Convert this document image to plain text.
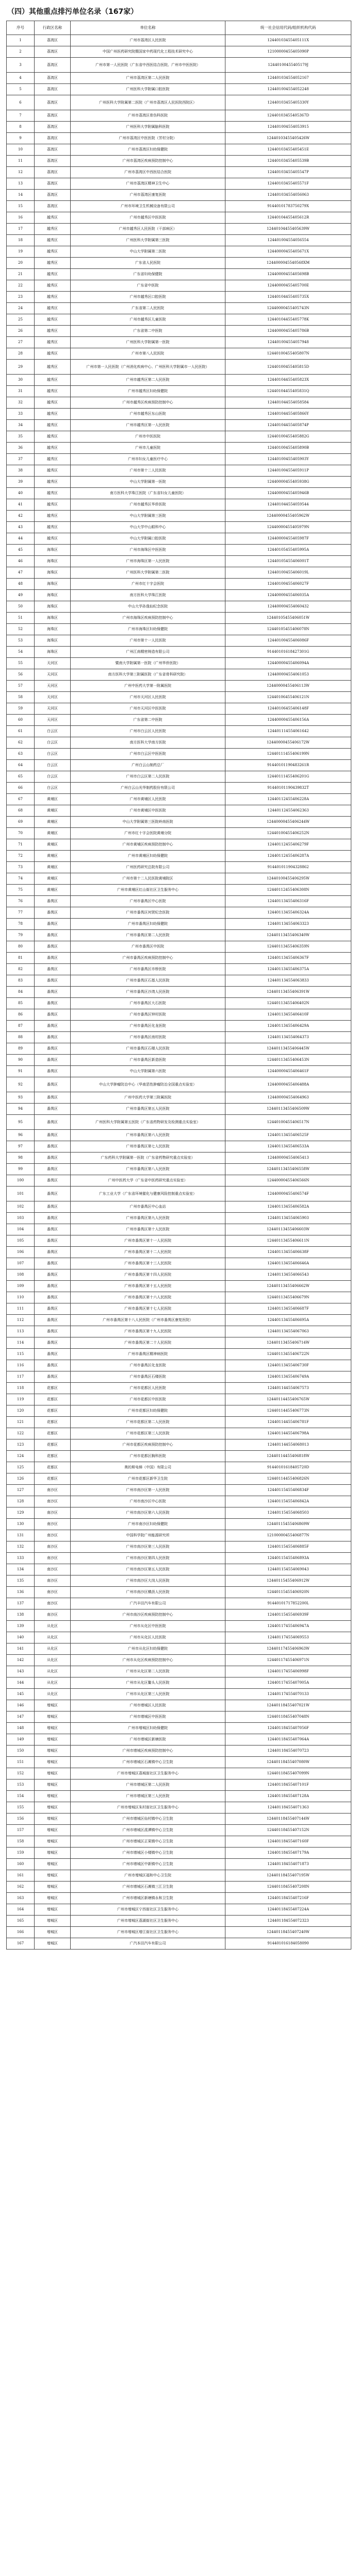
（四）其他重点排污单位名录（167家）
序号	行政区名称	单位名称	统一社会信用代码/组织机构代码
1	荔湾区	广州市荔湾区人民医院	12440103455405111X
2	荔湾区	中国广州医药研究院暨国家中药现代化工程技术研究中心	12100000455405090P
3	荔湾区	广州市第一人民医院（广东省中西医结合医院、广州市中医医院）	12440100455405179J
4	荔湾区	广州市荔湾区第二人民医院	124401034554052167
5	荔湾区	广州医科大学附属口腔医院	124401004554052248
6	荔湾区	广州医科大学附属第二医院（广州市荔湾区人民医院西院区）	12440103455405330Y
7	荔湾区	广州市荔湾区骨伤科医院	12440103455405367D
8	荔湾区	广州医科大学附属脑科医院	124401004554053915
9	荔湾区	广州市荔湾区中医医院（芳村分院）	12440103455405426W
10	荔湾区	广州市荔湾区妇幼保健院	12440103455405451E
11	荔湾区	广州市荔湾区疾病预防控制中心	12440103455405539B
12	荔湾区	广州市荔湾区中西医结合医院	12440103455405547P
13	荔湾区	广州市荔湾区精神卫生中心	12440103455405571F
14	荔湾区	广州市荔湾区康复医院	124401034554056063
15	荔湾区	广州市环境卫生机械设备有限公司	91440101783750279X
16	越秀区	广州市越秀区中医医院	12440104455405612R
17	越秀区	广州市越秀区人民医院（干部病区）	12440104455405639W
18	越秀区	广州医科大学附属第三医院	124401004554056554
19	越秀区	中山大学附属第二医院	12440000455405671X
20	越秀区	广东省人民医院	1244000045540568XM
21	越秀区	广东省妇幼保健院	12440000455405698B
22	越秀区	广东省中医院	12440000455405700E
23	越秀区	广州市越秀区口腔医院	12440104455405735X
24	越秀区	广东省第二人民医院	12440000455405743N
25	越秀区	广州市越秀区儿童医院	12440104455405778K
26	越秀区	广东省第二中医院	12440000455405786B
27	越秀区	广州医科大学附属第一医院	124401004554057948
28	越秀区	广州市第八人民医院	12440100455405807N
29	越秀区	广州市第一人民医院（广州消化疾病中心、广州医科大学附属市一人民医院）	12440100455405815D
30	越秀区	广州市越秀区第二人民医院	12440104455405823X
31	越秀区	广州市越秀区妇幼保健院	12440104455405831Q
32	越秀区	广州市越秀区疾病预防控制中心	124401044554058584
33	越秀区	广州市越秀区东山医院	12440104455405866Y
34	越秀区	广州市越秀区第一人民医院	12440104455405874P
35	越秀区	广州市中医医院	12440100455405882G
36	越秀区	广州市儿童医院	12440100455405890B
37	越秀区	广州市妇女儿童医疗中心	12440100455405903Y
38	越秀区	广州市第十二人民医院	12440100455405911P
39	越秀区	中山大学附属第一医院	12440000455405938G
40	越秀区	南方医科大学珠江医院（广东省妇女儿童医院）	12440000455405946B
41	越秀区	广州市越秀区华侨医院	124401044554059544
42	越秀区	中山大学附属第三医院	12440000455405962W
43	越秀区	中山大学中山眼科中心	12440000455405979N
44	越秀区	中山大学附属口腔医院	12440000455405987F
45	海珠区	广州市海珠区中医医院	12440105455405995A
46	海珠区	广州市海珠区第一人民医院	12440105455406001T
47	海珠区	广州医科大学附属第二医院	12440100455406019L
48	海珠区	广州市红十字会医院	12440100455406027F
49	海珠区	南方医科大学珠江医院	12440000455406035A
50	海珠区	中山大学孙逸仙纪念医院	124400004554060432
51	海珠区	广州市海珠区疾病预防控制中心	12440105455406051W
52	海珠区	广州市海珠区妇幼保健院	12440105455406078N
53	海珠区	广州市第十一人民医院	12440100455406086F
54	海珠区	广州江南精密铸造有限公司	91440101618427301G
55	天河区	暨南大学附属第一医院（广州华侨医院）	12440000455406094A
56	天河区	南方医科大学第三附属医院（广东省骨科研究院）	124400004554061053
57	天河区	广州中医药大学第一附属医院	12440000455406113W
58	天河区	广州市天河区人民医院	12440106455406121N
59	天河区	广州市天河区中医医院	12440106455406148F
60	天河区	广东省第二中医院	12440000455406156A
61	白云区	广州市白云区人民医院	124401114554061642
62	白云区	南方医科大学南方医院	12440000455406172W
63	白云区	广州市白云区中医医院	12440111455406199N
64	白云区	广州白云山制药总厂	91440101190483261R
65	白云区	广州市白云区第二人民医院	12440111455406201G
66	白云区	广州白云山光华制药股份有限公司	91440101190439832T
67	黄埔区	广州市黄埔区人民医院	12440112455406228A
68	黄埔区	广州市黄埔区中医医院	124401124554062363
69	黄埔区	中山大学附属第三医院岭南医院	12440000455406244W
70	黄埔区	广州市红十字会医院黄埔分院	12440100455406252N
71	黄埔区	广州市黄埔区疾病预防控制中心	12440112455406279F
72	黄埔区	广州市黄埔区妇幼保健院	12440112455406287A
73	黄埔区	广州医药研究总院有限公司	914401011904328862
74	黄埔区	广州市第十二人民医院黄埔院区	12440100455406295W
75	黄埔区	广州市黄埔区红山街社区卫生服务中心	12440112455406308N
76	番禺区	广州市番禺区中心医院	12440113455406316F
77	番禺区	广州市番禺区何贤纪念医院	12440113455406324A
78	番禺区	广州市番禺区妇幼保健院	124401134554063323
79	番禺区	广州市番禺区第二人民医院	12440113455406340W
80	番禺区	广州市番禺区中医院	12440113455406359N
81	番禺区	广州市番禺区疾病预防控制中心	12440113455406367F
82	番禺区	广州市番禺区市桥医院	12440113455406375A
83	番禺区	广州市番禺区石基人民医院	124401134554063833
84	番禺区	广州市番禺区沙湾人民医院	12440113455406391W
85	番禺区	广州市番禺区大石医院	12440113455406402N
86	番禺区	广州市番禺区钟村医院	12440113455406410F
87	番禺区	广州市番禺区化龙医院	12440113455406429A
88	番禺区	广州市番禺区南村医院	124401134554064373
89	番禺区	广州市番禺区石楼人民医院	12440113455406445W
90	番禺区	广州市番禺区新造医院	12440113455406453N
91	番禺区	中山大学附属第六医院	12440000455406461F
92	番禺区	中山大学肿瘤防治中心（华南恶性肿瘤防治全国重点实验室）	12440000455406488A
93	番禺区	广州中医药大学第三附属医院	124400004554064963
94	番禺区	广州市番禺区第五人民医院	12440113455406509W
95	番禺区	广州医科大学附属第五医院（广东省药物研发及检测重点实验室）	12440100455406517N
96	番禺区	广州市番禺区第六人民医院	12440113455406525F
97	番禺区	广州市番禺区第七人民医院	12440113455406533A
98	番禺区	广东药科大学附属第一医院（广东省药物研究重点实验室）	124400004554065413
99	番禺区	广州市番禺区第八人民医院	12440113455406558W
100	番禺区	广州中医药大学（广东省中医药研究重点实验室）	12440000455406566N
101	番禺区	广东工业大学（广东省环境催化与健康风险控制重点实验室）	12440000455406574F
102	番禺区	广州市番禺区中心血站	12440113455406582A
103	番禺区	广州市番禺区第九人民医院	124401134554065903
104	番禺区	广州市番禺区第十人民医院	12440113455406603W
105	番禺区	广州市番禺区第十一人民医院	12440113455406611N
106	番禺区	广州市番禺区第十二人民医院	12440113455406638F
107	番禺区	广州市番禺区第十三人民医院	12440113455406646A
108	番禺区	广州市番禺区第十四人民医院	124401134554066543
109	番禺区	广州市番禺区第十五人民医院	12440113455406662W
110	番禺区	广州市番禺区第十六人民医院	12440113455406679N
111	番禺区	广州市番禺区第十七人民医院	12440113455406687F
112	番禺区	广州市番禺区第十八人民医院（广州市番禺区康复医院）	12440113455406695A
113	番禺区	广州市番禺区第十九人民医院	124401134554067063
114	番禺区	广州市番禺区第二十人民医院	12440113455406714W
115	番禺区	广州市番禺区精神病医院	12440113455406722N
116	番禺区	广州市番禺区化龙医院	12440113455406730F
117	番禺区	广州市番禺区石楼医院	12440113455406749A
118	花都区	广州市花都区人民医院	124401144554067573
119	花都区	广州市花都区中医医院	12440114455406765W
120	花都区	广州市花都区妇幼保健院	12440114455406773N
121	花都区	广州市花都区第二人民医院	12440114455406781F
122	花都区	广州市花都区第三人民医院	12440114455406798A
123	花都区	广州市花都区疾病预防控制中心	124401144554068013
124	花都区	广州市花都区胸科医院	12440114455406818W
125	花都区	奥的斯电梯（中国）有限公司	91440101618405720D
126	花都区	广州市花都区新华卫生院	12440114455406826N
127	南沙区	广州市南沙区第一人民医院	12440115455406834F
128	南沙区	广州市南沙区中心医院	12440115455406842A
129	南沙区	广州市南沙区第六人民医院	124401154554068503
130	南沙区	广州市南沙区妇幼保健院	12440115455406869W
131	南沙区	中国科学院广州能源研究所	12100000455406877N
132	南沙区	广州市南沙区第三人民医院	12440115455406885F
133	南沙区	广州市南沙区第四人民医院	12440115455406893A
134	南沙区	广州市南沙区第五人民医院	124401154554069043
135	南沙区	广州市南沙区大岗人民医院	12440115455406912W
136	南沙区	广州市南沙区横沥人民医院	12440115455406920N
137	南沙区	广汽丰田汽车有限公司	91440101717852200L
138	南沙区	广州市南沙区疾病预防控制中心	12440115455406939F
139	从化区	广州市从化区中医医院	12440117455406947A
140	从化区	广州市从化区人民医院	124401174554069553
141	从化区	广州市从化区妇幼保健院	12440117455406963W
142	从化区	广州市从化区疾病预防控制中心	12440117455406971N
143	从化区	广州市从化区第二人民医院	12440117455406998F
144	从化区	广州市从化区鳌头人民医院	12440117455407005A
145	从化区	广州市从化区第三人民医院	124401174554070133
146	增城区	广州市增城区人民医院	12440118455407021W
147	增城区	广州市增城区中医医院	12440118455407048N
148	增城区	广州市增城区妇幼保健院	12440118455407056F
149	增城区	广州市增城区新塘医院	12440118455407064A
150	增城区	广州市增城区疾病预防控制中心	124401184554070723
151	增城区	广州市增城区石滩镇中心卫生院	12440118455407080W
152	增城区	广州市增城区荔城街社区卫生服务中心	12440118455407099N
153	增城区	广州市增城区第二人民医院	12440118455407101F
154	增城区	广州市增城区第三人民医院	12440118455407128A
155	增城区	广州市增城区朱村街社区卫生服务中心	124401184554071363
156	增城区	广州市增城区仙村镇中心卫生院	12440118455407144W
157	增城区	广州市增城区派潭镇中心卫生院	12440118455407152N
158	增城区	广州市增城区正果镇中心卫生院	12440118455407160F
159	增城区	广州市增城区小楼镇中心卫生院	12440118455407179A
160	增城区	广州市增城区中新镇中心卫生院	124401184554071873
161	增城区	广州市增城区福和中心卫生院	12440118455407195W
162	增城区	广州市增城区石滩镇三江卫生院	12440118455407208N
163	增城区	广州市增城区新塘镇永和卫生院	12440118455407216F
164	增城区	广州市增城区宁西街社区卫生服务中心	12440118455407224A
165	增城区	广州市增城区荔湖街社区卫生服务中心	124401184554072323
166	增城区	广州市增城区增江街社区卫生服务中心	12440118455407240W
167	增城区	广汽本田汽车有限公司	914401016184058090
